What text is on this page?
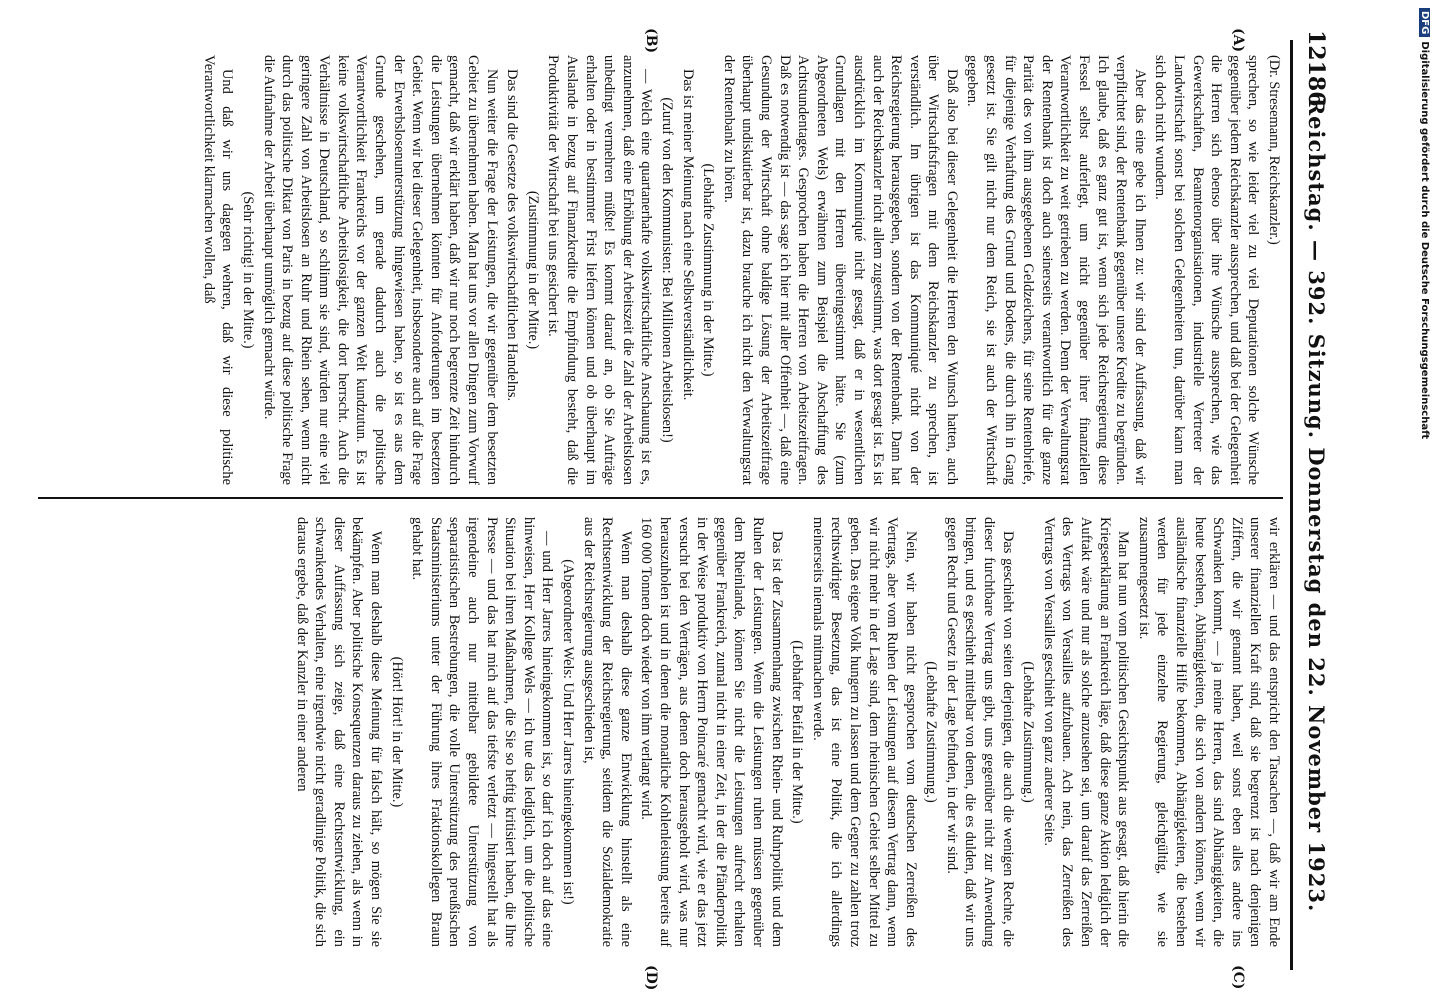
12186
Reichstag. — 392. Sitzung. Donnerstag den 22. November 1923.
(A)
(B)
(C)
(D)

(Dr. Stresemann, Reichskanzler.)

sprechen, so wie leider viel zu viel Deputationen solche Wünsche gegenüber jedem Reichskanzler aussprechen, und daß bei der Gelegenheit die Herren sich ebenso über ihre Wünsche aussprechen, wie das Gewerkschaften, Beamtenorganisationen, industrielle Vertreter der Landwirtschaft sonst bei solchen Gelegenheiten tun, darüber kann man sich doch nicht wundern.

Aber das eine gebe ich Ihnen zu: wir sind der Auffassung, daß wir verpflichtet sind, der Rentenbank gegenüber unsere Kredite zu begründen. Ich glaube, daß es ganz gut ist, wenn sich jede Reichsregierung diese Fessel selbst auferlegt, um nicht gegenüber ihrer finanziellen Verantwortlichkeit zu weit getrieben zu werden. Denn der Verwaltungsrat der Rentenbank ist doch auch seinerseits verantwortlich für die ganze Parität des von ihm ausgegebenen Geldzeichens, für seine Rentenbriefe, für diejenige Verhaftung des Grund und Bodens, die durch ihn in Gang gesetzt ist. Sie gilt nicht nur dem Reich, sie ist auch der Wirtschaft gegeben.

Daß also bei dieser Gelegenheit die Herren den Wunsch hatten, auch über Wirtschaftsfragen mit dem Reichskanzler zu sprechen, ist verständlich. Im übrigen ist das Kommuniqué nicht von der Reichsregierung herausgegeben, sondern von der Rentenbank. Dann hat auch der Reichskanzler nicht allem zugestimmt, was dort gesagt ist. Es ist ausdrücklich im Kommuniqué nicht gesagt, daß er in wesentlichen Grundlagen mit den Herren übereingestimmt hätte. Sie (zum Abgeordneten Wels) erwähnten zum Beispiel die Abschaffung des Achtstundentages. Gesprochen haben die Herren von Arbeitszeitfragen. Daß es notwendig ist — das sage ich hier mit aller Offenheit —, daß eine Gesundung der Wirtschaft ohne baldige Lösung der Arbeitszeitfrage überhaupt undiskutierbar ist, dazu brauche ich nicht den Verwaltungsrat der Rentenbank zu hören.

(Lebhafte Zustimmung in der Mitte.)

Das ist meiner Meinung nach eine Selbstverständlichkeit.

(Zuruf von den Kommunisten: Bei Millionen Arbeitslosen!)

— Welch eine quartanerhafte volkswirtschaftliche Anschauung ist es, anzunehmen, daß eine Erhöhung der Arbeitszeit die Zahl der Arbeitslosen unbedingt vermehren müßte! Es kommt darauf an, ob Sie Aufträge erhalten oder in bestimmter Frist liefern können und ob überhaupt im Auslande in bezug auf Finanzkredite die Empfindung besteht, daß die Produktivität der Wirtschaft bei uns gesichert ist.

(Zustimmung in der Mitte.)

Das sind die Gesetze des volkswirtschaftlichen Handelns.

Nun weiter die Frage der Leistungen, die wir gegenüber dem besetzten Gebiet zu übernehmen haben. Man hat uns vor allen Dingen zum Vorwurf gemacht, daß wir erklärt haben, daß wir nur noch begrenzte Zeit hindurch die Leistungen übernehmen könnten für Anforderungen im besetzten Gebiet. Wenn wir bei dieser Gelegenheit, insbesondere auch auf die Frage der Erwerbslosenunterstützung hingewiesen haben, so ist es aus dem Grunde geschehen, um gerade dadurch auch die politische Verantwortlichkeit Frankreichs vor der ganzen Welt kundzutun. Es ist keine volkswirtschaftliche Arbeitslosigkeit, die dort herrscht. Auch die Verhältnisse in Deutschland, so schlimm sie sind, würden nur eine viel geringere Zahl von Arbeitslosen an Ruhr und Rhein sehen, wenn nicht durch das politische Diktat von Paris in bezug auf diese politische Frage die Aufnahme der Arbeit überhaupt unmöglich gemacht würde.

(Sehr richtig! in der Mitte.)

Und daß wir uns dagegen wehren, daß wir diese politische Verantwortlichkeit klarmachen wollen, daß

wir erklären — und das entspricht den Tatsachen —, daß wir am Ende unserer finanziellen Kraft sind, daß sie begrenzt ist nach denjenigen Ziffern, die wir genannt haben, weil sonst eben alles andere ins Schwanken kommt, — ja meine Herren, das sind Abhängigkeiten, die heute bestehen, Abhängigkeiten, die sich von andern können, wenn wir ausländische finanzielle Hilfe bekommen, Abhängigkeiten, die bestehen werden für jede einzelne Regierung, gleichgültig, wie sie zusammengesetzt ist.

Man hat nun vom politischen Gesichtspunkt aus gesagt, daß hierin die Kriegserklärung an Frankreich läge, daß diese ganze Aktion lediglich der Auftakt wäre und nur als solche anzusehen sei, um darauf das Zerreißen des Vertrags von Versailles aufzubauen. Ach nein, das Zerreißen des Vertrags von Versailles geschieht von ganz anderer Seite.

(Lebhafte Zustimmung.)

Das geschieht von seiten derjenigen, die auch die wenigen Rechte, die dieser furchtbare Vertrag uns gibt, uns gegenüber nicht zur Anwendung bringen, und es geschieht mittelbar von denen, die es dulden, daß wir uns gegen Recht und Gesetz in der Lage befinden, in der wir sind.

(Lebhafte Zustimmung.)

Nein, wir haben nicht gesprochen vom deutschen Zerreißen des Vertrags, aber vom Ruhen der Leistungen auf diesem Vertrag dann, wenn wir nicht mehr in der Lage sind, dem rheinischen Gebiet selber Mittel zu geben. Das eigene Volk hungern zu lassen und dem Gegner zu zahlen trotz rechtswidriger Besetzung, das ist eine Politik, die ich allerdings meinerseits niemals mitmachen werde.

(Lebhafter Beifall in der Mitte.)

Das ist der Zusammenhang zwischen Rhein- und Ruhrpolitik und dem Ruhen der Leistungen. Wenn die Leistungen ruhen müssen gegenüber dem Rheinlande, können Sie nicht die Leistungen aufrecht erhalten gegenüber Frankreich, zumal nicht in einer Zeit, in der die Pfänderpolitik in der Weise produktiv von Herrn Poincaré gemacht wird, wie er das jetzt versucht bei den Verträgen, aus denen doch herausgeholt wird, was nur herauszuholen ist und in denen die monatliche Kohlenleistung bereits auf 160 000 Tonnen doch wieder von ihm verlangt wird.

Wenn man deshalb diese ganze Entwicklung hinstellt als eine Rechtsentwicklung der Reichsregierung, seitdem die Sozialdemokratie aus der Reichsregierung ausgeschieden ist,

(Abgeordneter Wels: Und Herr Jarres hineingekommen ist!)

— und Herr Jarres hineingekommen ist, so darf ich doch auf das eine hinweisen, Herr Kollege Wels — ich tue das lediglich, um die politische Situation bei ihren Maßnahmen, die Sie so heftig kritisiert haben, die Ihre Presse — und das hat mich auf das tiefste verletzt — hingestellt hat als irgendeine auch nur mittelbar gebildete Unterstützung von separatistischen Bestrebungen, die volle Unterstützung des preußischen Staatsministeriums unter der Führung ihres Fraktionskollegen Braun gehabt hat.

(Hört! Hört! in der Mitte.)

Wenn man deshalb diese Meinung für falsch hält, so mögen Sie sie bekämpfen. Aber politische Konsequenzen daraus zu ziehen, als wenn in dieser Auffassung sich zeige, daß eine Rechtsentwicklung, ein schwankendes Verhalten, eine irgendwie nicht geradlinige Politik, die sich daraus ergebe, daß der Kanzler in einer anderen

DFGDigitalisierung gefördert durch die Deutsche Forschungsgemeinschaft
